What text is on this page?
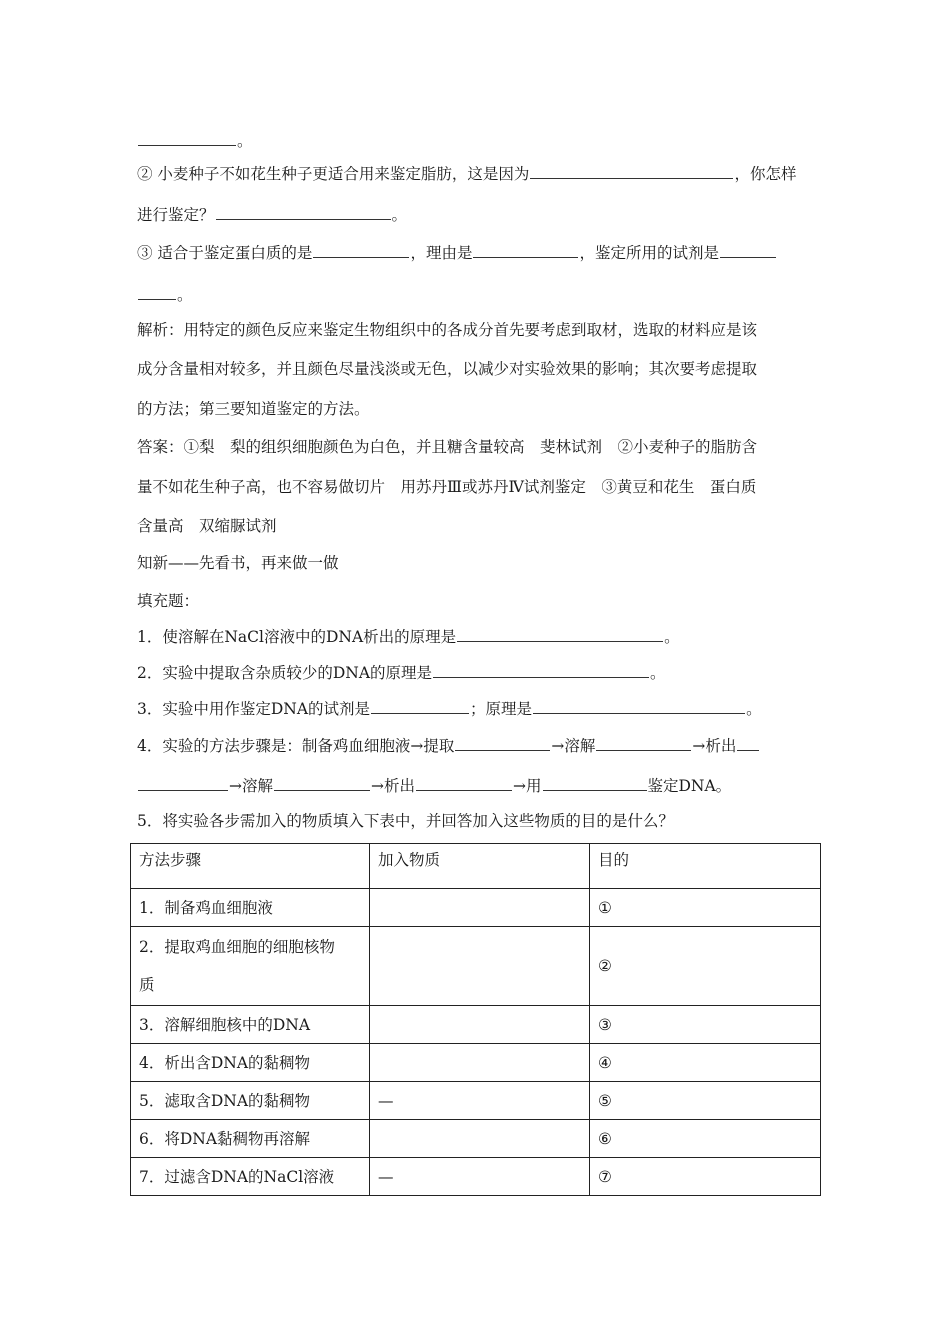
。
② 小麦种子不如花生种子更适合用来鉴定脂肪，这是因为	，你怎样
进行鉴定？	。
③ 适合于鉴定蛋白质的是	，理由是	，鉴定所用的试剂是
。
解析：用特定的颜色反应来鉴定生物组织中的各成分首先要考虑到取材，选取的材料应是该
成分含量相对较多，并且颜色尽量浅淡或无色，以减少对实验效果的影响；其次要考虑提取
的方法；第三要知道鉴定的方法。
答案：①梨　梨的组织细胞颜色为白色，并且糖含量较高　斐林试剂　②小麦种子的脂肪含
量不如花生种子高，也不容易做切片　用苏丹Ⅲ或苏丹Ⅳ试剂鉴定　③黄豆和花生　蛋白质
含量高　双缩脲试剂
知新——先看书，再来做一做
填充题：
1．使溶解在NaCl溶液中的DNA析出的原理是	。
2．实验中提取含杂质较少的DNA的原理是	。
3．实验中用作鉴定DNA的试剂是	；原理是	。
4．实验的方法步骤是：制备鸡血细胞液→提取	→溶解	→析出
→溶解	→析出	→用	鉴定DNA。
5．将实验各步需加入的物质填入下表中，并回答加入这些物质的目的是什么？
方法步骤	加入物质	目的
1．制备鸡血细胞液		①
2．提取鸡血细胞的细胞核物
质		②
3．溶解细胞核中的DNA		③
4．析出含DNA的黏稠物		④
5．滤取含DNA的黏稠物	—	⑤
6．将DNA黏稠物再溶解		⑥
7．过滤含DNA的NaCl溶液	—	⑦
